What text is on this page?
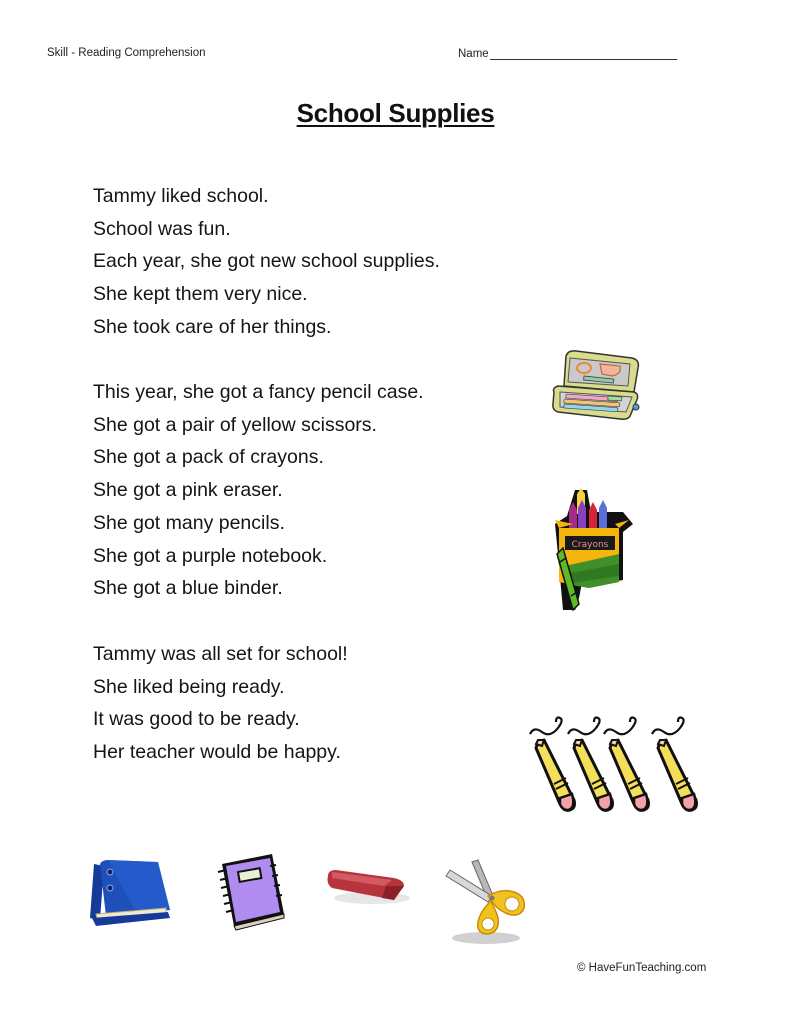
Skill - Reading Comprehension	Name
School Supplies
Tammy liked school.
School was fun.
Each year, she got new school supplies.
She kept them very nice.
She took care of her things.
This year, she got a fancy pencil case.
She got a pair of yellow scissors.
She got a pack of crayons.
She got a pink eraser.
She got many pencils.
She got a purple notebook.
She got a blue binder.
Tammy was all set for school!
She liked being ready.
It was good to be ready.
Her teacher would be happy.
Crayons
© HaveFunTeaching.com
